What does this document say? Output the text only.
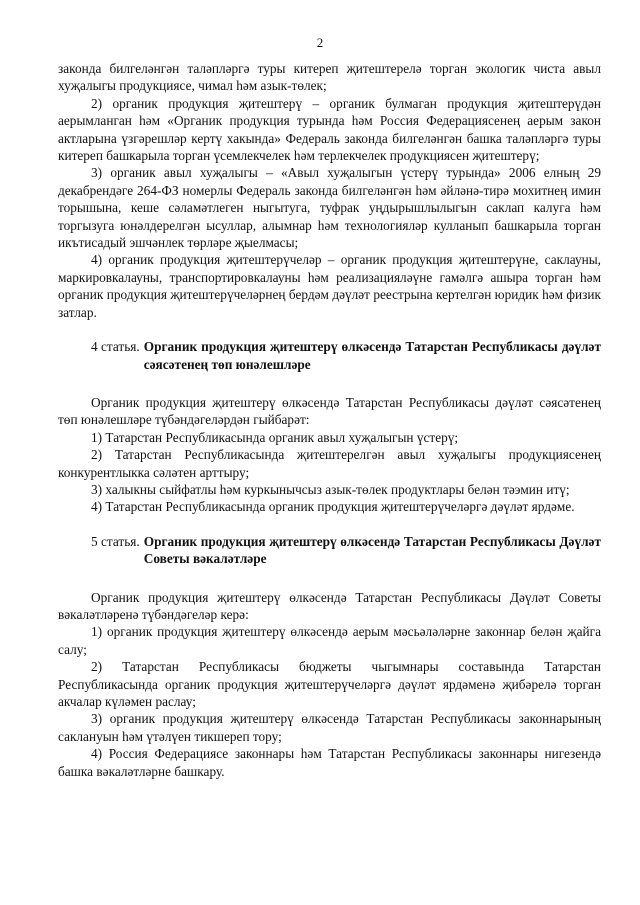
2

законда билгеләнгән таләпләргә туры китереп җитештерелә торган экологик чиста авыл хуҗалыгы продукциясе, чимал һәм азык-төлек;

2) органик продукция җитештерү – органик булмаган продукция җитештерүдән аерымланган һәм «Органик продукция турында һәм Россия Федерациясенең аерым закон актларына үзгәрешләр кертү хакында» Федераль законда билгеләнгән башка таләпләргә туры китереп башкарыла торган үсемлекчелек һәм терлекчелек продукциясен җитештерү;

3) органик авыл хуҗалыгы – «Авыл хуҗалыгын үстерү турында» 2006 елның 29 декабрендәге 264-ФЗ номерлы Федераль законда билгеләнгән һәм әйләнә-тирә мохитнең имин торышына, кеше сәламәтлеген ныгытуга, туфрак уңдырышлылыгын саклап калуга һәм торгызуга юнәлдерелгән ысуллар, алымнар һәм технологияләр кулланып башкарыла торган икътисадый эшчәнлек төрләре җыелмасы;

4) органик продукция җитештерүчеләр – органик продукция җитештерүне, саклауны, маркировкалауны, транспортировкалауны һәм реализацияләүне гамәлгә ашыра торган һәм органик продукция җитештерүчеләрнең бердәм дәүләт реестрына кертелгән юридик һәм физик затлар.

4 статья. Органик продукция җитештерү өлкәсендә Татарстан Республикасы дәүләт сәясәтенең төп юнәлешләре

Органик продукция җитештерү өлкәсендә Татарстан Республикасы дәүләт сәясәтенең төп юнәлешләре түбәндәгеләрдән гыйбарәт:

1) Татарстан Республикасында органик авыл хуҗалыгын үстерү;

2) Татарстан Республикасында җитештерелгән авыл хуҗалыгы продукциясенең конкурентлыкка сәләтен арттыру;

3) халыкны сыйфатлы һәм куркынычсыз азык-төлек продуктлары белән тәэмин итү;

4) Татарстан Республикасында органик продукция җитештерүчеләргә дәүләт ярдәме.

5 статья. Органик продукция җитештерү өлкәсендә Татарстан Республикасы Дәүләт Советы вәкаләтләре

Органик продукция җитештерү өлкәсендә Татарстан Республикасы Дәүләт Советы вәкаләтләренә түбәндәгеләр керә:

1) органик продукция җитештерү өлкәсендә аерым мәсьәләләрне законнар белән җайга салу;

2) Татарстан Республикасы бюджеты чыгымнары составында Татарстан Республикасында органик продукция җитештерүчеләргә дәүләт ярдәменә җибәрелә торган акчалар күләмен раслау;

3) органик продукция җитештерү өлкәсендә Татарстан Республикасы законнарының саклануын һәм үтәлүен тикшереп тору;

4) Россия Федерациясе законнары һәм Татарстан Республикасы законнары нигезендә башка вәкаләтләрне башкару.
